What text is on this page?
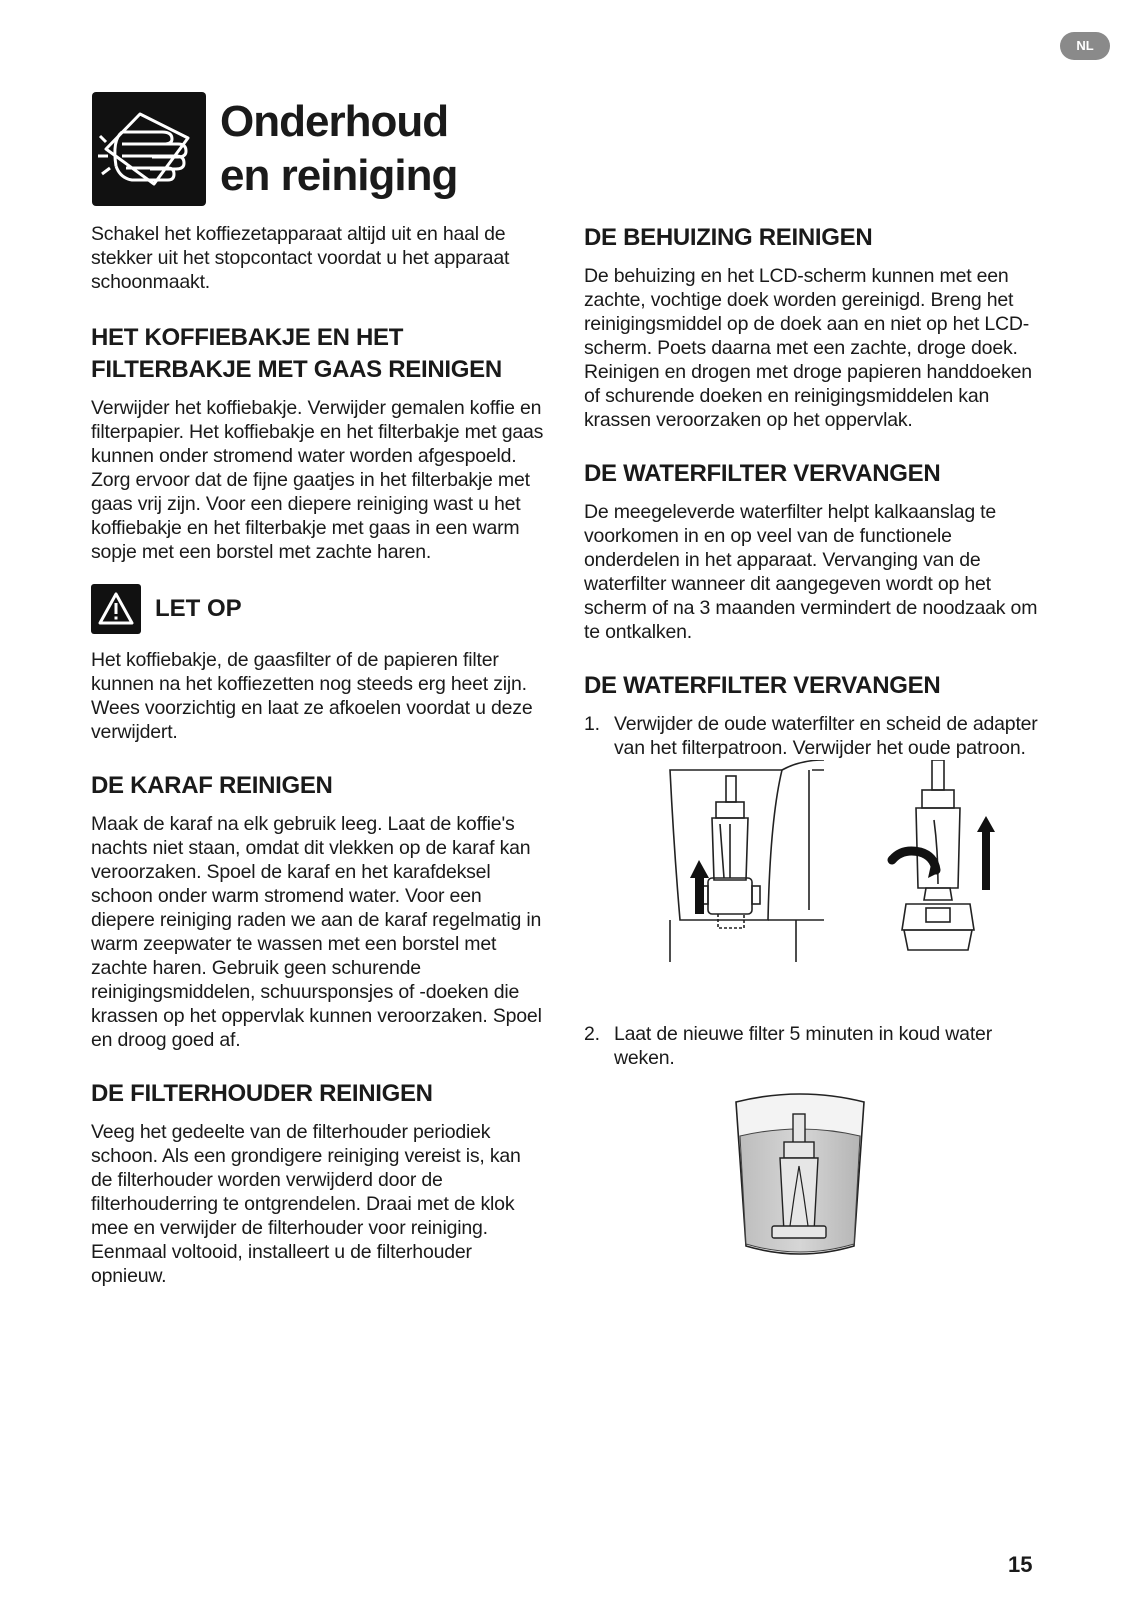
NL
Onderhoud
en reiniging

Schakel het koffiezetapparaat altijd uit en haal de stekker uit het stopcontact voordat u het apparaat schoonmaakt.

HET KOFFIEBAKJE EN HET
FILTERBAKJE MET GAAS REINIGEN

Verwijder het koffiebakje. Verwijder gemalen koffie en filterpapier. Het koffiebakje en het filterbakje met gaas kunnen onder stromend water worden afgespoeld. Zorg ervoor dat de fijne gaatjes in het filterbakje met gaas vrij zijn. Voor een diepere reiniging wast u het koffiebakje en het filterbakje met gaas in een warm sopje met een borstel met zachte haren.

LET OP

Het koffiebakje, de gaasfilter of de papieren filter kunnen na het koffiezetten nog steeds erg heet zijn. Wees voorzichtig en laat ze afkoelen voordat u deze verwijdert.

DE KARAF REINIGEN

Maak de karaf na elk gebruik leeg. Laat de koffie's nachts niet staan, omdat dit vlekken op de karaf kan veroorzaken. Spoel de karaf en het karafdeksel schoon onder warm stromend water. Voor een diepere reiniging raden we aan de karaf regelmatig in warm zeepwater te wassen met een borstel met zachte haren. Gebruik geen schurende reinigingsmiddelen, schuursponsjes of -doeken die krassen op het oppervlak kunnen veroorzaken. Spoel en droog goed af.

DE FILTERHOUDER REINIGEN

Veeg het gedeelte van de filterhouder periodiek schoon. Als een grondigere reiniging vereist is, kan de filterhouder worden verwijderd door de filterhouderring te ontgrendelen. Draai met de klok mee en verwijder de filterhouder voor reiniging. Eenmaal voltooid, installeert u de filterhouder opnieuw.

DE BEHUIZING REINIGEN

De behuizing en het LCD-scherm kunnen met een zachte, vochtige doek worden gereinigd. Breng het reinigingsmiddel op de doek aan en niet op het LCD-scherm. Poets daarna met een zachte, droge doek. Reinigen en drogen met droge papieren handdoeken of schurende doeken en reinigingsmiddelen kan krassen veroorzaken op het oppervlak.

DE WATERFILTER VERVANGEN

De meegeleverde waterfilter helpt kalkaanslag te voorkomen in en op veel van de functionele onderdelen in het apparaat. Vervanging van de waterfilter wanneer dit aangegeven wordt op het scherm of na 3 maanden vermindert de noodzaak om te ontkalken.

DE WATERFILTER VERVANGEN
1. Verwijder de oude waterfilter en scheid de adapter van het filterpatroon. Verwijder het oude patroon.
2. Laat de nieuwe filter 5 minuten in koud water weken.
15
